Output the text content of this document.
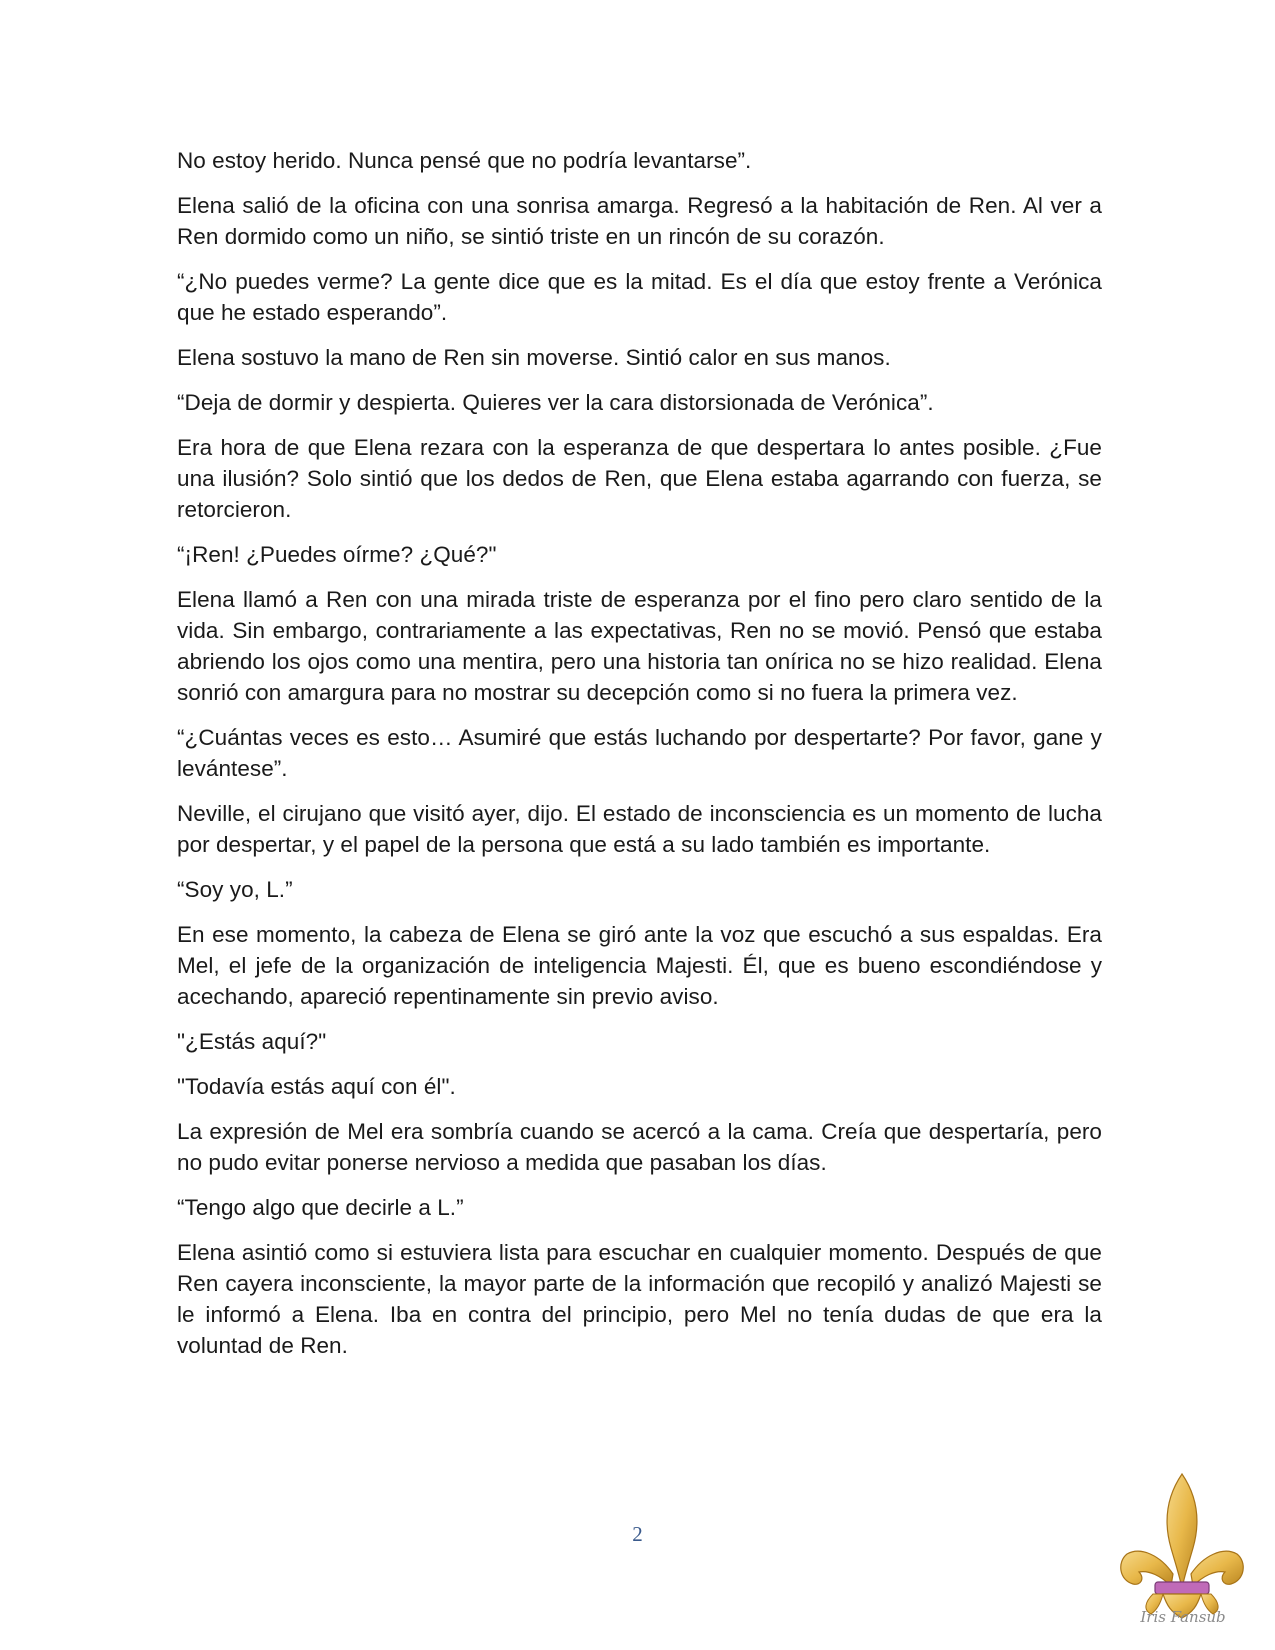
No estoy herido. Nunca pensé que no podría levantarse”.

Elena salió de la oficina con una sonrisa amarga. Regresó a la habitación de Ren. Al ver a Ren dormido como un niño, se sintió triste en un rincón de su corazón.

“¿No puedes verme? La gente dice que es la mitad. Es el día que estoy frente a Verónica que he estado esperando”.

Elena sostuvo la mano de Ren sin moverse. Sintió calor en sus manos.

“Deja de dormir y despierta. Quieres ver la cara distorsionada de Verónica”.

Era hora de que Elena rezara con la esperanza de que despertara lo antes posible. ¿Fue una ilusión? Solo sintió que los dedos de Ren, que Elena estaba agarrando con fuerza, se retorcieron.

“¡Ren! ¿Puedes oírme? ¿Qué?"

Elena llamó a Ren con una mirada triste de esperanza por el fino pero claro sentido de la vida. Sin embargo, contrariamente a las expectativas, Ren no se movió. Pensó que estaba abriendo los ojos como una mentira, pero una historia tan onírica no se hizo realidad. Elena sonrió con amargura para no mostrar su decepción como si no fuera la primera vez.

“¿Cuántas veces es esto… Asumiré que estás luchando por despertarte? Por favor, gane y levántese”.

Neville, el cirujano que visitó ayer, dijo. El estado de inconsciencia es un momento de lucha por despertar, y el papel de la persona que está a su lado también es importante.

“Soy yo, L.”

En ese momento, la cabeza de Elena se giró ante la voz que escuchó a sus espaldas. Era Mel, el jefe de la organización de inteligencia Majesti. Él, que es bueno escondiéndose y acechando, apareció repentinamente sin previo aviso.

"¿Estás aquí?"

"Todavía estás aquí con él".

La expresión de Mel era sombría cuando se acercó a la cama. Creía que despertaría, pero no pudo evitar ponerse nervioso a medida que pasaban los días.

“Tengo algo que decirle a L.”

Elena asintió como si estuviera lista para escuchar en cualquier momento. Después de que Ren cayera inconsciente, la mayor parte de la información que recopiló y analizó Majesti se le informó a Elena. Iba en contra del principio, pero Mel no tenía dudas de que era la voluntad de Ren.

2
Iris Fansub
